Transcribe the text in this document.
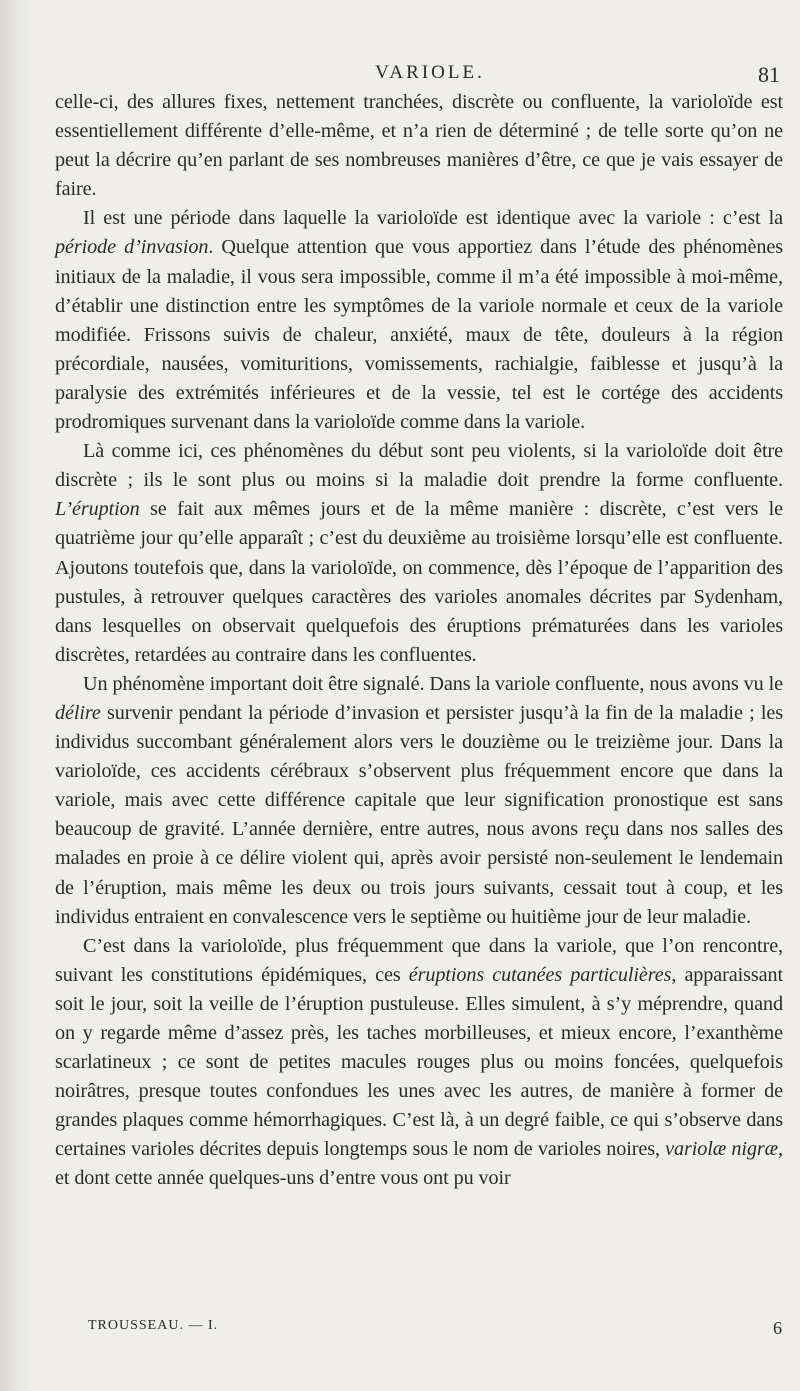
VARIOLE.	81

celle-ci, des allures fixes, nettement tranchées, discrète ou confluente, la varioloïde est essentiellement différente d’elle-même, et n’a rien de déterminé ; de telle sorte qu’on ne peut la décrire qu’en parlant de ses nombreuses manières d’être, ce que je vais essayer de faire.

Il est une période dans laquelle la varioloïde est identique avec la variole : c’est la période d’invasion. Quelque attention que vous apportiez dans l’étude des phénomènes initiaux de la maladie, il vous sera impossible, comme il m’a été impossible à moi-même, d’établir une distinction entre les symptômes de la variole normale et ceux de la variole modifiée. Frissons suivis de chaleur, anxiété, maux de tête, douleurs à la région précordiale, nausées, vomituritions, vomissements, rachialgie, faiblesse et jusqu’à la paralysie des extrémités inférieures et de la vessie, tel est le cortége des accidents prodromiques survenant dans la varioloïde comme dans la variole.

Là comme ici, ces phénomènes du début sont peu violents, si la varioloïde doit être discrète ; ils le sont plus ou moins si la maladie doit prendre la forme confluente. L’éruption se fait aux mêmes jours et de la même manière : discrète, c’est vers le quatrième jour qu’elle apparaît ; c’est du deuxième au troisième lorsqu’elle est confluente. Ajoutons toutefois que, dans la varioloïde, on commence, dès l’époque de l’apparition des pustules, à retrouver quelques caractères des varioles anomales décrites par Sydenham, dans lesquelles on observait quelquefois des éruptions prématurées dans les varioles discrètes, retardées au contraire dans les confluentes.

Un phénomène important doit être signalé. Dans la variole confluente, nous avons vu le délire survenir pendant la période d’invasion et persister jusqu’à la fin de la maladie ; les individus succombant généralement alors vers le douzième ou le treizième jour. Dans la varioloïde, ces accidents cérébraux s’observent plus fréquemment encore que dans la variole, mais avec cette différence capitale que leur signification pronostique est sans beaucoup de gravité. L’année dernière, entre autres, nous avons reçu dans nos salles des malades en proie à ce délire violent qui, après avoir persisté non-seulement le lendemain de l’éruption, mais même les deux ou trois jours suivants, cessait tout à coup, et les individus entraient en convalescence vers le septième ou huitième jour de leur maladie.

C’est dans la varioloïde, plus fréquemment que dans la variole, que l’on rencontre, suivant les constitutions épidémiques, ces éruptions cutanées particulières, apparaissant soit le jour, soit la veille de l’éruption pustuleuse. Elles simulent, à s’y méprendre, quand on y regarde même d’assez près, les taches morbilleuses, et mieux encore, l’exanthème scarlatineux ; ce sont de petites macules rouges plus ou moins foncées, quelquefois noirâtres, presque toutes confondues les unes avec les autres, de manière à former de grandes plaques comme hémorrhagiques. C’est là, à un degré faible, ce qui s’observe dans certaines varioles décrites depuis longtemps sous le nom de varioles noires, variolæ nigræ, et dont cette année quelques-uns d’entre vous ont pu voir

TROUSSEAU. — I.	6
